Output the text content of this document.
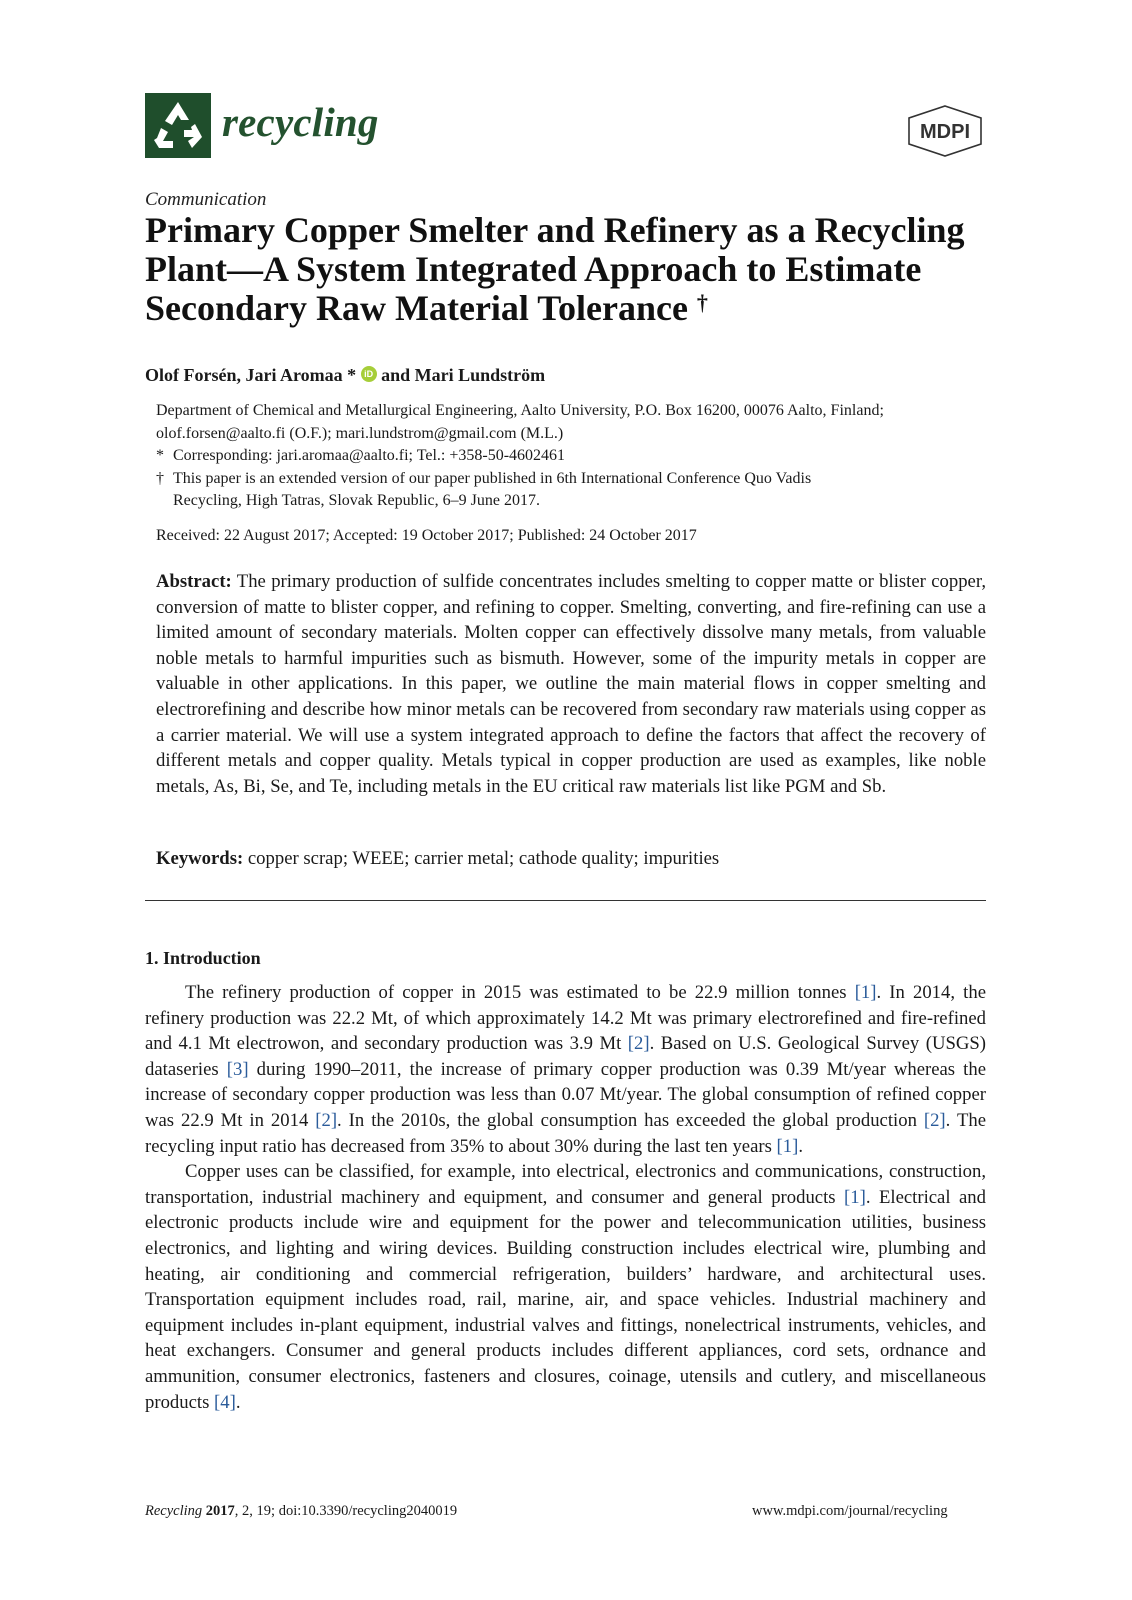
recycling	MDPI
Communication
Primary Copper Smelter and Refinery as a Recycling Plant—A System Integrated Approach to Estimate Secondary Raw Material Tolerance †
Olof Forsén, Jari Aromaa * iD and Mari Lundström
Department of Chemical and Metallurgical Engineering, Aalto University, P.O. Box 16200, 00076 Aalto, Finland;
olof.forsen@aalto.fi (O.F.); mari.lundstrom@gmail.com (M.L.)
* Corresponding: jari.aromaa@aalto.fi; Tel.: +358-50-4602461
† This paper is an extended version of our paper published in 6th International Conference Quo Vadis
Recycling, High Tatras, Slovak Republic, 6–9 June 2017.
Received: 22 August 2017; Accepted: 19 October 2017; Published: 24 October 2017
Abstract: The primary production of sulfide concentrates includes smelting to copper matte or blister copper, conversion of matte to blister copper, and refining to copper. Smelting, converting, and fire-refining can use a limited amount of secondary materials. Molten copper can effectively dissolve many metals, from valuable noble metals to harmful impurities such as bismuth. However, some of the impurity metals in copper are valuable in other applications. In this paper, we outline the main material flows in copper smelting and electrorefining and describe how minor metals can be recovered from secondary raw materials using copper as a carrier material. We will use a system integrated approach to define the factors that affect the recovery of different metals and copper quality. Metals typical in copper production are used as examples, like noble metals, As, Bi, Se, and Te, including metals in the EU critical raw materials list like PGM and Sb.
Keywords: copper scrap; WEEE; carrier metal; cathode quality; impurities
1. Introduction

The refinery production of copper in 2015 was estimated to be 22.9 million tonnes [1]. In 2014, the refinery production was 22.2 Mt, of which approximately 14.2 Mt was primary electrorefined and fire-refined and 4.1 Mt electrowon, and secondary production was 3.9 Mt [2]. Based on U.S. Geological Survey (USGS) dataseries [3] during 1990–2011, the increase of primary copper production was 0.39 Mt/year whereas the increase of secondary copper production was less than 0.07 Mt/year. The global consumption of refined copper was 22.9 Mt in 2014 [2]. In the 2010s, the global consumption has exceeded the global production [2]. The recycling input ratio has decreased from 35% to about 30% during the last ten years [1].

Copper uses can be classified, for example, into electrical, electronics and communications, construction, transportation, industrial machinery and equipment, and consumer and general products [1]. Electrical and electronic products include wire and equipment for the power and telecommunication utilities, business electronics, and lighting and wiring devices. Building construction includes electrical wire, plumbing and heating, air conditioning and commercial refrigeration, builders’ hardware, and architectural uses. Transportation equipment includes road, rail, marine, air, and space vehicles. Industrial machinery and equipment includes in-plant equipment, industrial valves and fittings, nonelectrical instruments, vehicles, and heat exchangers. Consumer and general products includes different appliances, cord sets, ordnance and ammunition, consumer electronics, fasteners and closures, coinage, utensils and cutlery, and miscellaneous products [4].

Recycling 2017, 2, 19; doi:10.3390/recycling2040019	www.mdpi.com/journal/recycling
